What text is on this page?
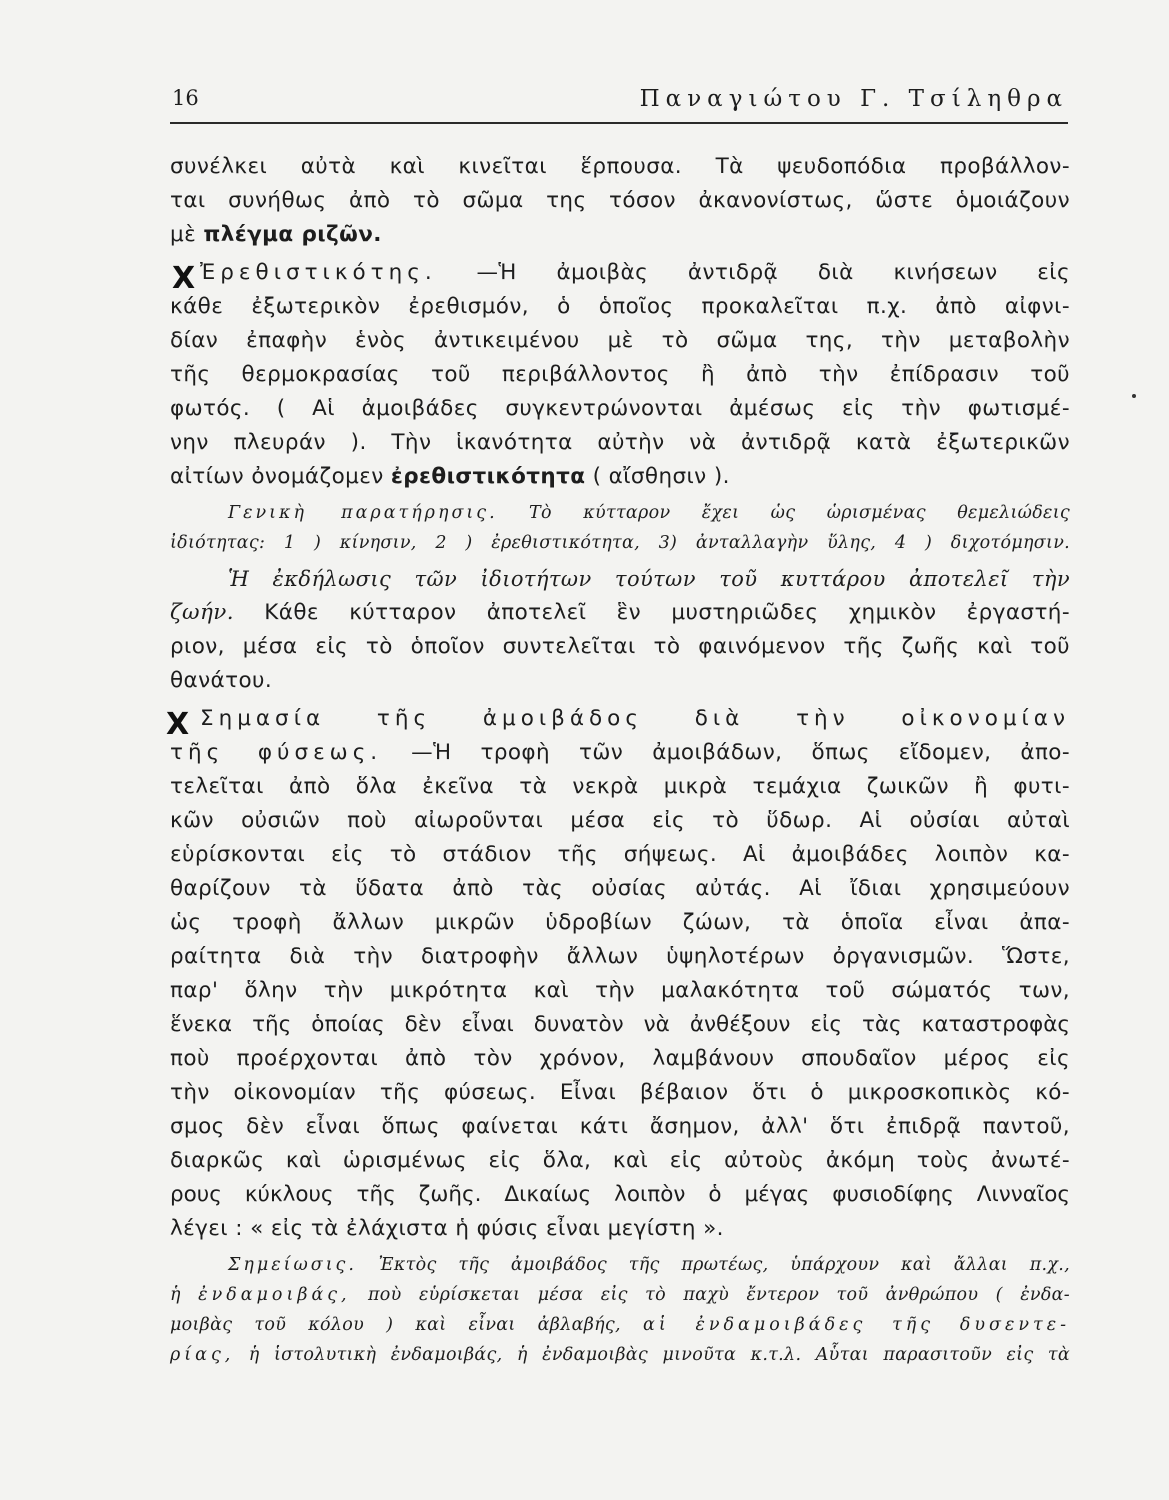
16	Παναγιώτου Γ. Τσίληθρα
X
X
συνέλκει αὐτὰ καὶ κινεῖται ἕρπουσα. Τὰ ψευδοπόδια προβάλλον-
ται συνήθως ἀπὸ τὸ σῶμα της τόσον ἀκανονίστως, ὥστε ὁμοιάζουν
μὲ πλέγμα ριζῶν.
Ἐρεθιστικότης. —Ἡ ἀμοιβὰς ἀντιδρᾷ διὰ κινήσεων εἰς
κάθε ἐξωτερικὸν ἐρεθισμόν, ὁ ὁποῖος προκαλεῖται π.χ. ἀπὸ αἰφνι-
δίαν ἐπαφὴν ἑνὸς ἀντικειμένου μὲ τὸ σῶμα της, τὴν μεταβολὴν
τῆς θερμοκρασίας τοῦ περιβάλλοντος ἢ ἀπὸ τὴν ἐπίδρασιν τοῦ
φωτός. ( Αἱ ἀμοιβάδες συγκεντρώνονται ἀμέσως εἰς τὴν φωτισμέ-
νην πλευράν ). Τὴν ἱκανότητα αὐτὴν νὰ ἀντιδρᾷ κατὰ ἐξωτερικῶν
αἰτίων ὀνομάζομεν ἐρεθιστικότητα ( αἴσθησιν ).
Γενικὴ παρατήρησις. Τὸ κύτταρον ἔχει ὡς ὡρισμένας θεμελιώδεις
ἰδιότητας: 1 ) κίνησιν, 2 ) ἐρεθιστικότητα, 3) ἀνταλλαγὴν ὕλης, 4 ) διχοτόμησιν.
Ἡ ἐκδήλωσις τῶν ἰδιοτήτων τούτων τοῦ κυττάρου ἀποτελεῖ τὴν
ζωήν. Κάθε κύτταρον ἀποτελεῖ ἓν μυστηριῶδες χημικὸν ἐργαστή-
ριον, μέσα εἰς τὸ ὁποῖον συντελεῖται τὸ φαινόμενον τῆς ζωῆς καὶ τοῦ
θανάτου.
Σημασία τῆς ἀμοιβάδος διὰ τὴν οἰκονομίαν
τῆς φύσεως. —Ἡ τροφὴ τῶν ἀμοιβάδων, ὅπως εἴδομεν, ἀπο-
τελεῖται ἀπὸ ὅλα ἐκεῖνα τὰ νεκρὰ μικρὰ τεμάχια ζωικῶν ἢ φυτι-
κῶν οὐσιῶν ποὺ αἰωροῦνται μέσα εἰς τὸ ὕδωρ. Αἱ οὐσίαι αὐταὶ
εὑρίσκονται εἰς τὸ στάδιον τῆς σήψεως. Αἱ ἀμοιβάδες λοιπὸν κα-
θαρίζουν τὰ ὕδατα ἀπὸ τὰς οὐσίας αὐτάς. Αἱ ἴδιαι χρησιμεύουν
ὡς τροφὴ ἄλλων μικρῶν ὑδροβίων ζώων, τὰ ὁποῖα εἶναι ἀπα-
ραίτητα διὰ τὴν διατροφὴν ἄλλων ὑψηλοτέρων ὀργανισμῶν. Ὥστε,
παρ' ὅλην τὴν μικρότητα καὶ τὴν μαλακότητα τοῦ σώματός των,
ἕνεκα τῆς ὁποίας δὲν εἶναι δυνατὸν νὰ ἀνθέξουν εἰς τὰς καταστροφὰς
ποὺ προέρχονται ἀπὸ τὸν χρόνον, λαμβάνουν σπουδαῖον μέρος εἰς
τὴν οἰκονομίαν τῆς φύσεως. Εἶναι βέβαιον ὅτι ὁ μικροσκοπικὸς κό-
σμος δὲν εἶναι ὅπως φαίνεται κάτι ἄσημον, ἀλλ' ὅτι ἐπιδρᾷ παντοῦ,
διαρκῶς καὶ ὡρισμένως εἰς ὅλα, καὶ εἰς αὐτοὺς ἀκόμη τοὺς ἀνωτέ-
ρους κύκλους τῆς ζωῆς. Δικαίως λοιπὸν ὁ μέγας φυσιοδίφης Λινναῖος
λέγει : « εἰς τὰ ἐλάχιστα ἡ φύσις εἶναι μεγίστη ».
Σημείωσις. Ἐκτὸς τῆς ἀμοιβάδος τῆς πρωτέως, ὑπάρχουν καὶ ἄλλαι π.χ.,
ἡ ἐνδαμοιβάς, ποὺ εὑρίσκεται μέσα εἰς τὸ παχὺ ἔντερον τοῦ ἀνθρώπου ( ἐνδα-
μοιβὰς τοῦ κόλου ) καὶ εἶναι ἀβλαβής, αἱ ἐνδαμοιβάδες τῆς δυσεντε-
ρίας, ἡ ἱστολυτικὴ ἐνδαμοιβάς, ἡ ἐνδαμοιβὰς μινοῦτα κ.τ.λ. Αὗται παρασιτοῦν εἰς τὰ
